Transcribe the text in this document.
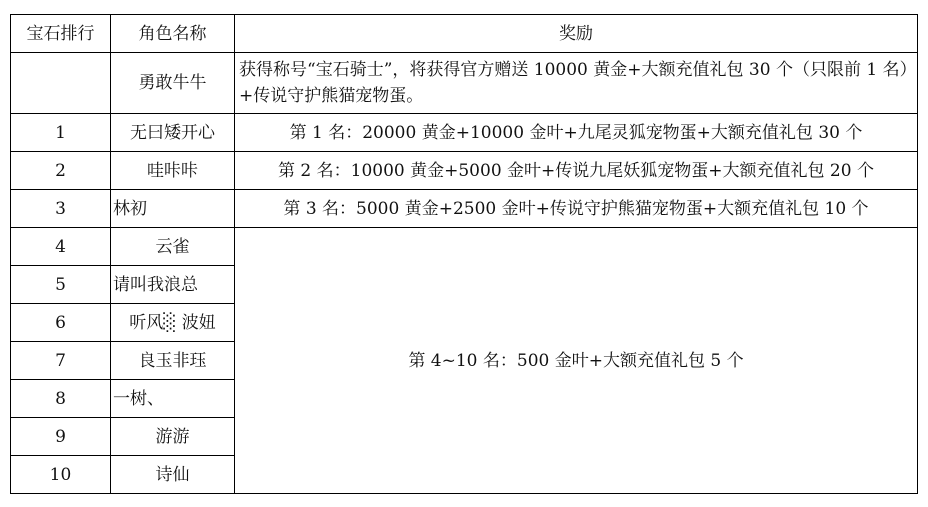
宝石排行	角色名称	奖励
	勇敢牛牛	获得称号“宝石骑士”，将获得官方赠送 10000 黄金+大额充值礼包 30 个（只限前 1 名）+传说守护熊猫宠物蛋。
1	无曰矮开心	第 1 名：20000 黄金+10000 金叶+九尾灵狐宠物蛋+大额充值礼包 30 个
2	哇咔咔	第 2 名：10000 黄金+5000 金叶+传说九尾妖狐宠物蛋+大额充值礼包 20 个
3	林初	第 3 名：5000 黄金+2500 金叶+传说守护熊猫宠物蛋+大额充值礼包 10 个
4	云雀	第 4~10 名：500 金叶+大额充值礼包 5 个
5	请叫我浪总	
6	听风░ 波妞	
7	良玉非珏	
8	一树、	
9	游游	
10	诗仙	
